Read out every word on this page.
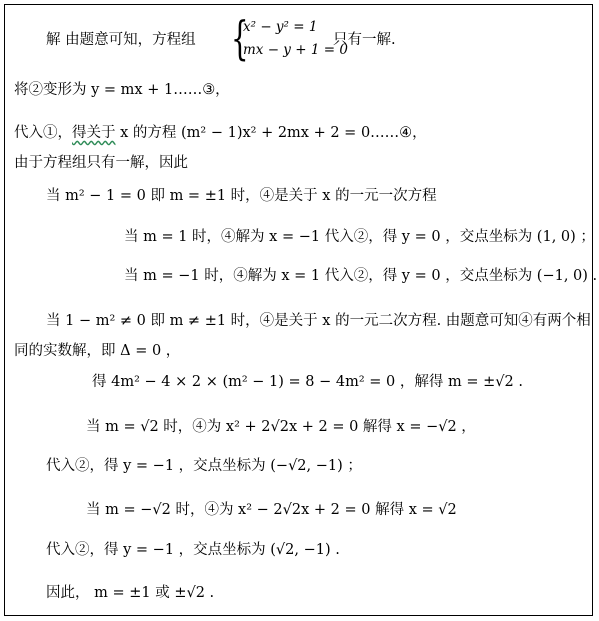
解 由题意可知，方程组 {
x² − y² = 1
mx − y + 1 = 0
只有一解.
将②变形为 y = mx + 1……③，
代入①，得关于 x 的方程 (m² − 1)x² + 2mx + 2 = 0……④，
由于方程组只有一解，因此
当 m² − 1 = 0 即 m = ±1 时，④是关于 x 的一元一次方程
当 m = 1 时，④解为 x = −1 代入②，得 y = 0 ，交点坐标为 (1, 0) ；
当 m = −1 时，④解为 x = 1 代入②，得 y = 0 ，交点坐标为 (−1, 0) .
当 1 − m² ≠ 0 即 m ≠ ±1 时，④是关于 x 的一元二次方程. 由题意可知④有两个相
同的实数解，即 Δ = 0 ，
得 4m² − 4 × 2 × (m² − 1) = 8 − 4m² = 0 ，解得 m = ±√2 .
当 m = √2 时，④为 x² + 2√2x + 2 = 0 解得 x = −√2 ，
代入②，得 y = −1 ，交点坐标为 (−√2, −1) ；
当 m = −√2 时，④为 x² − 2√2x + 2 = 0 解得 x = √2
代入②，得 y = −1 ，交点坐标为 (√2, −1) .
因此， m = ±1 或 ±√2 .
